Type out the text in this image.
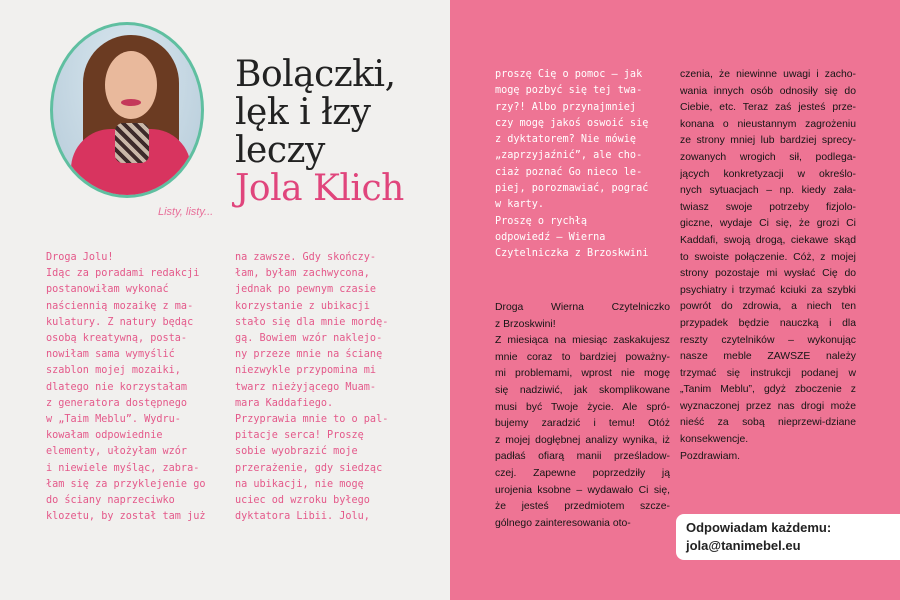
Listy, listy...
Bolączki,
lęk i łzy
leczy
Jola Klich
Droga Jolu!
Idąc za poradami redakcji
postanowiłam wykonać
naściennią mozaikę z ma-
kulatury. Z natury będąc
osobą kreatywną, posta-
nowiłam sama wymyślić
szablon mojej mozaiki,
dlatego nie korzystałam
z generatora dostępnego
w „Taim Meblu”. Wydru-
kowałam odpowiednie
elementy, ułożyłam wzór
i niewiele myśląc, zabra-
łam się za przyklejenie go
do ściany naprzeciwko
klozetu, by został tam już
na zawsze. Gdy skończy-
łam, byłam zachwycona,
jednak po pewnym czasie
korzystanie z ubikacji
stało się dla mnie mordę-
gą. Bowiem wzór naklejo-
ny przeze mnie na ścianę
niezwykle przypomina mi
twarz nieżyjącego Muam-
mara Kaddafiego.
Przyprawia mnie to o pal-
pitacje serca! Proszę
sobie wyobrazić moje
przerażenie, gdy siedząc
na ubikacji, nie mogę
uciec od wzroku byłego
dyktatora Libii. Jolu,
proszę Cię o pomoc – jak
mogę pozbyć się tej twa-
rzy?! Albo przynajmniej
czy mogę jakoś oswoić się
z dyktatorem? Nie mówię
„zaprzyjaźnić”, ale cho-
ciaż poznać Go nieco le-
piej, porozmawiać, pograć
w karty.
Proszę o rychłą
odpowiedź – Wierna
Czytelniczka z Brzoskwini
Droga Wierna Czytelniczko
z Brzoskwini!
Z miesiąca na miesiąc zaskakujesz
mnie coraz to bardziej poważny-
mi problemami, wprost nie mogę
się nadziwić, jak skomplikowane
musi być Twoje życie. Ale spró-
bujemy zaradzić i temu! Otóż
z mojej dogłębnej analizy wynika, iż
padłaś ofiarą manii prześladow-
czej. Zapewne poprzedziły ją
urojenia ksobne – wydawało Ci się,
że jesteś przedmiotem szcze-
gólnego zainteresowania oto-
czenia, że niewinne uwagi i zacho-
wania innych osób odnosiły się do
Ciebie, etc. Teraz zaś jesteś prze-
konana o nieustannym zagrożeniu
ze strony mniej lub bardziej sprecy-
zowanych wrogich sił, podlega-
jących konkretyzacji w określo-
nych sytuacjach – np. kiedy zała-
twiasz swoje potrzeby fizjolo-
giczne, wydaje Ci się, że grozi Ci
Kaddafi, swoją drogą, ciekawe skąd
to swoiste połączenie. Cóż, z mojej
strony pozostaje mi wysłać Cię do
psychiatry i trzymać kciuki za szybki
powrót do zdrowia, a niech ten
przypadek będzie nauczką i dla
reszty czytelników – wykonując
nasze meble ZAWSZE należy
trzymać się instrukcji podanej w
„Tanim Meblu”, gdyż zboczenie z
wyznaczonej przez nas drogi może
nieść za sobą nieprzewi-dziane
konsekwencje.
Pozdrawiam.
Odpowiadam każdemu:
jola@tanimebel.eu
